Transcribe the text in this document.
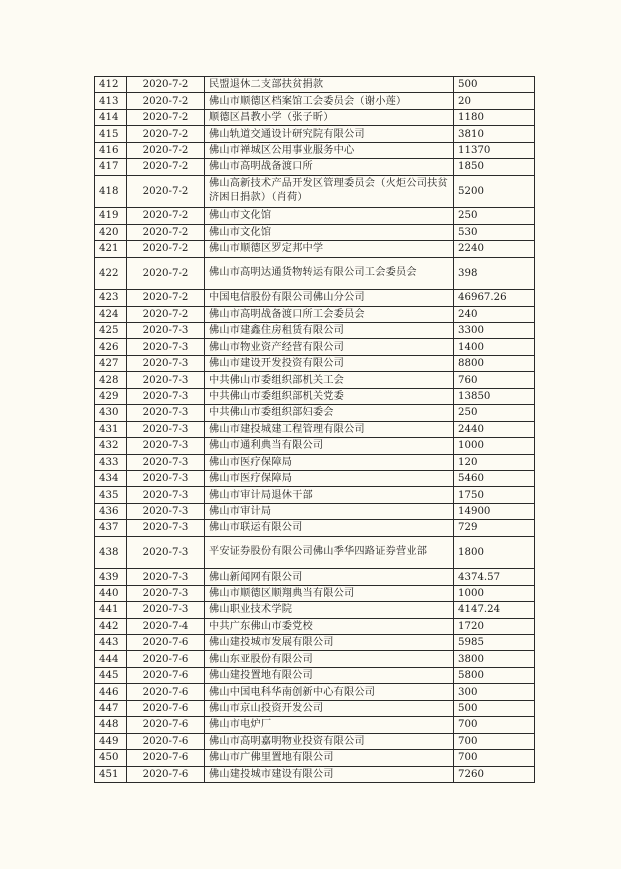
412	2020-7-2	民盟退休二支部扶贫捐款	500
413	2020-7-2	佛山市顺德区档案馆工会委员会（谢小莲）	20
414	2020-7-2	顺德区昌教小学（张子昕）	1180
415	2020-7-2	佛山轨道交通设计研究院有限公司	3810
416	2020-7-2	佛山市禅城区公用事业服务中心	11370
417	2020-7-2	佛山市高明战备渡口所	1850
418	2020-7-2	佛山高新技术产品开发区管理委员会（火炬公司扶贫济困日捐款）（肖荷）	5200
419	2020-7-2	佛山市文化馆	250
420	2020-7-2	佛山市文化馆	530
421	2020-7-2	佛山市顺德区罗定邦中学	2240
422	2020-7-2	佛山市高明达通货物转运有限公司工会委员会	398
423	2020-7-2	中国电信股份有限公司佛山分公司	46967.26
424	2020-7-2	佛山市高明战备渡口所工会委员会	240
425	2020-7-3	佛山市建鑫住房租赁有限公司	3300
426	2020-7-3	佛山市物业资产经营有限公司	1400
427	2020-7-3	佛山市建设开发投资有限公司	8800
428	2020-7-3	中共佛山市委组织部机关工会	760
429	2020-7-3	中共佛山市委组织部机关党委	13850
430	2020-7-3	中共佛山市委组织部妇委会	250
431	2020-7-3	佛山市建投城建工程管理有限公司	2440
432	2020-7-3	佛山市通利典当有限公司	1000
433	2020-7-3	佛山市医疗保障局	120
434	2020-7-3	佛山市医疗保障局	5460
435	2020-7-3	佛山市审计局退休干部	1750
436	2020-7-3	佛山市审计局	14900
437	2020-7-3	佛山市联运有限公司	729
438	2020-7-3	平安证券股份有限公司佛山季华四路证券营业部	1800
439	2020-7-3	佛山新闻网有限公司	4374.57
440	2020-7-3	佛山市顺德区顺翔典当有限公司	1000
441	2020-7-3	佛山职业技术学院	4147.24
442	2020-7-4	中共广东佛山市委党校	1720
443	2020-7-6	佛山建投城市发展有限公司	5985
444	2020-7-6	佛山东亚股份有限公司	3800
445	2020-7-6	佛山建投置地有限公司	5800
446	2020-7-6	佛山中国电科华南创新中心有限公司	300
447	2020-7-6	佛山市京山投资开发公司	500
448	2020-7-6	佛山市电炉厂	700
449	2020-7-6	佛山市高明嘉明物业投资有限公司	700
450	2020-7-6	佛山市广佛里置地有限公司	700
451	2020-7-6	佛山建投城市建设有限公司	7260
